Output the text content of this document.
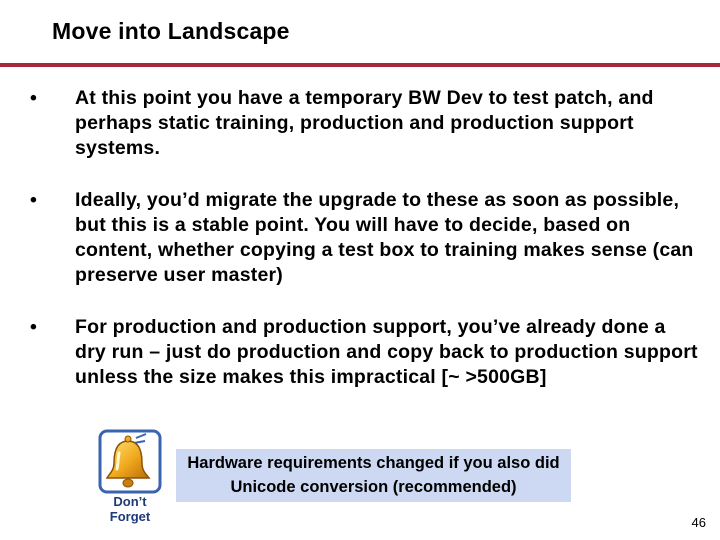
Move into Landscape
• At this point you have a temporary BW Dev to test patch, and perhaps static training, production and production support systems.
• Ideally, you’d migrate the upgrade to these as soon as possible, but this is a stable point. You will have to decide, based on content, whether copying a test box to training makes sense (can preserve user master)
• For production and production support, you’ve already done a dry run – just do production and copy back to production support unless the size makes this impractical [~ >500GB]
Don’t Forget
Hardware requirements changed if you also did Unicode conversion (recommended)
46
